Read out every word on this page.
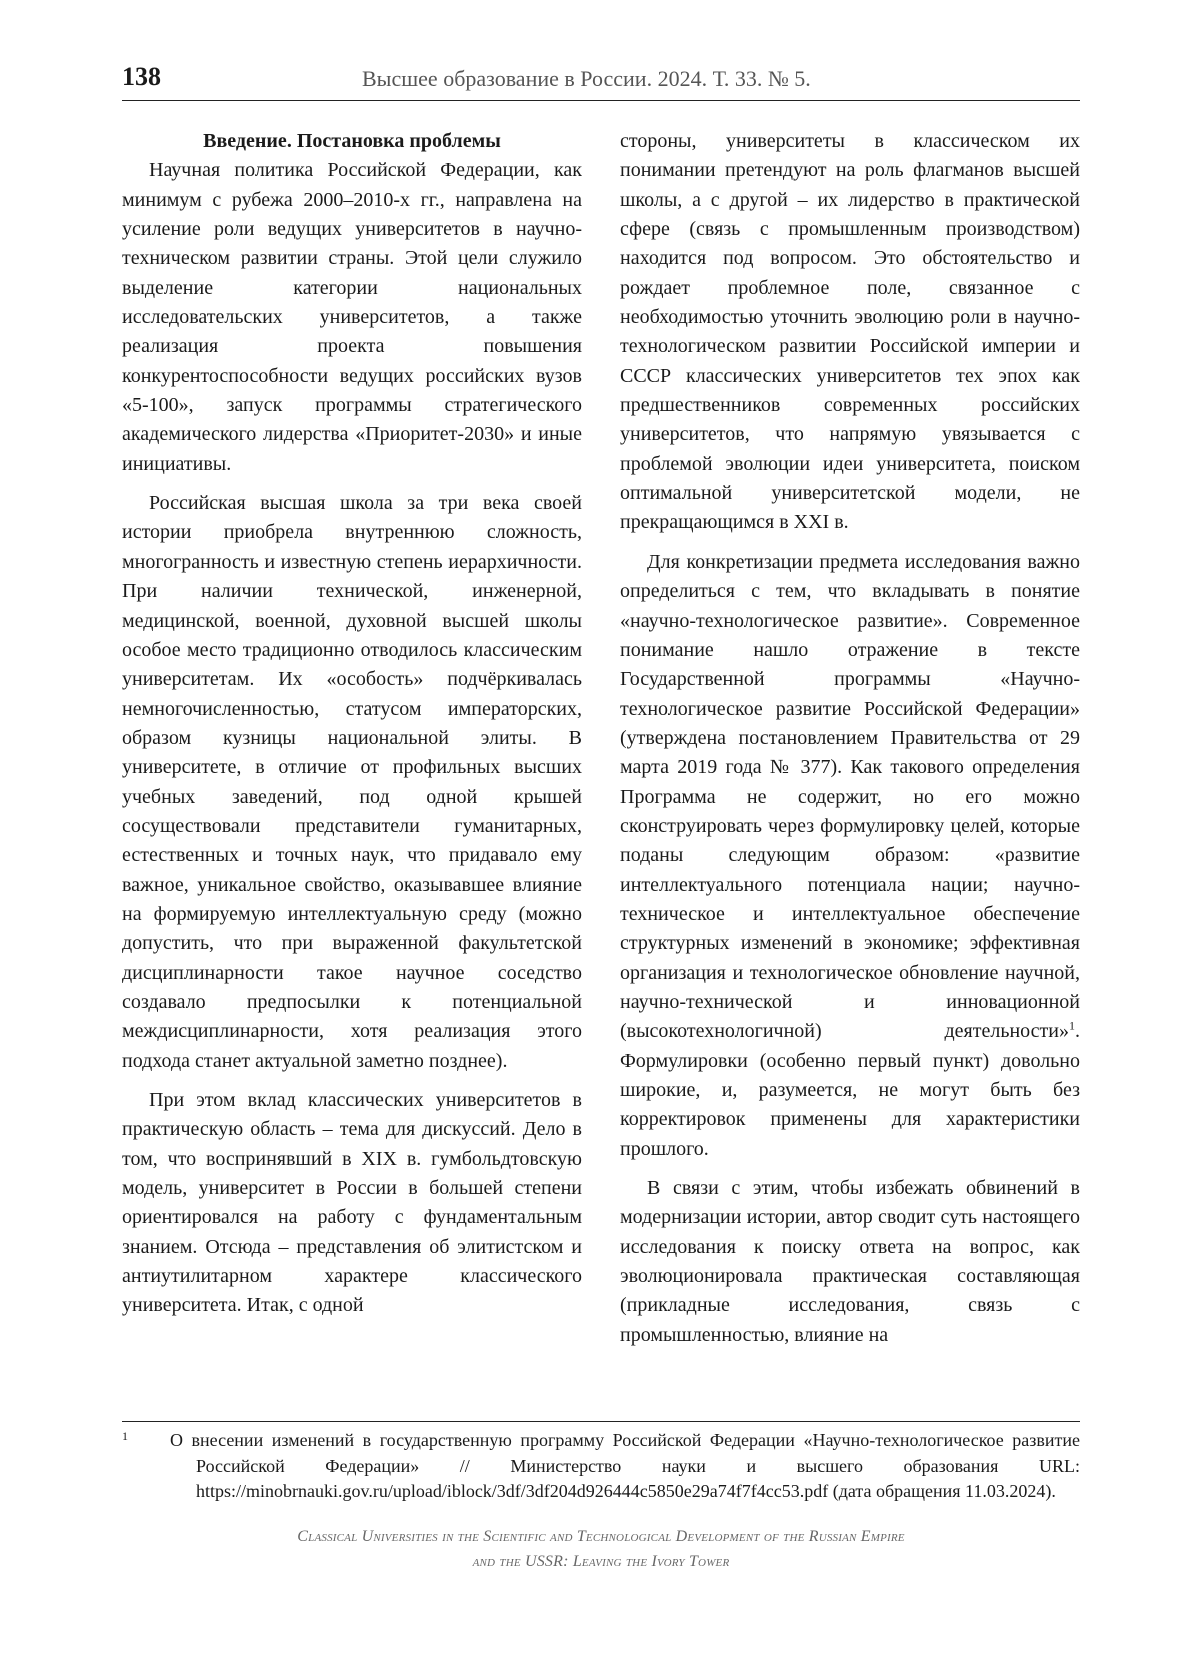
138	Высшее образование в России. 2024. Т. 33. № 5.
Введение. Постановка проблемы

Научная политика Российской Федерации, как минимум с рубежа 2000–2010-х гг., направлена на усиление роли ведущих университетов в научно-техническом развитии страны. Этой цели служило выделение категории национальных исследовательских университетов, а также реализация проекта повышения конкурентоспособности ведущих российских вузов «5-100», запуск программы стратегического академического лидерства «Приоритет-2030» и иные инициативы.

Российская высшая школа за три века своей истории приобрела внутреннюю сложность, многогранность и известную степень иерархичности. При наличии технической, инженерной, медицинской, военной, духовной высшей школы особое место традиционно отводилось классическим университетам. Их «особость» подчёркивалась немногочисленностью, статусом императорских, образом кузницы национальной элиты. В университете, в отличие от профильных высших учебных заведений, под одной крышей сосуществовали представители гуманитарных, естественных и точных наук, что придавало ему важное, уникальное свойство, оказывавшее влияние на формируемую интеллектуальную среду (можно допустить, что при выраженной факультетской дисциплинарности такое научное соседство создавало предпосылки к потенциальной междисциплинарности, хотя реализация этого подхода станет актуальной заметно позднее).

При этом вклад классических университетов в практическую область – тема для дискуссий. Дело в том, что воспринявший в XIX в. гумбольдтовскую модель, университет в России в большей степени ориентировался на работу с фундаментальным знанием. Отсюда – представления об элитистском и антиутилитарном характере классического университета. Итак, с одной

стороны, университеты в классическом их понимании претендуют на роль флагманов высшей школы, а с другой – их лидерство в практической сфере (связь с промышленным производством) находится под вопросом. Это обстоятельство и рождает проблемное поле, связанное с необходимостью уточнить эволюцию роли в научно-технологическом развитии Российской империи и СССР классических университетов тех эпох как предшественников современных российских университетов, что напрямую увязывается с проблемой эволюции идеи университета, поиском оптимальной университетской модели, не прекращающимся в XXI в.

Для конкретизации предмета исследования важно определиться с тем, что вкладывать в понятие «научно-технологическое развитие». Современное понимание нашло отражение в тексте Государственной программы «Научно-технологическое развитие Российской Федерации» (утверждена постановлением Правительства от 29 марта 2019 года № 377). Как такового определения Программа не содержит, но его можно сконструировать через формулировку целей, которые поданы следующим образом: «развитие интеллектуального потенциала нации; научно-техническое и интеллектуальное обеспечение структурных изменений в экономике; эффективная организация и технологическое обновление научной, научно-технической и инновационной (высокотехнологичной) деятельности»$^1$. Формулировки (особенно первый пункт) довольно широкие, и, разумеется, не могут быть без корректировок применены для характеристики прошлого.

В связи с этим, чтобы избежать обвинений в модернизации истории, автор сводит суть настоящего исследования к поиску ответа на вопрос, как эволюционировала практическая составляющая (прикладные исследования, связь с промышленностью, влияние на

1	О внесении изменений в государственную программу Российской Федерации «Научно-технологическое развитие Российской Федерации» // Министерство науки и высшего образования URL: https://minobrnauki.gov.ru/upload/iblock/3df/3df204d926444c5850e29a74f7f4cc53.pdf (дата обращения 11.03.2024).
Classical Universities in the Scientific and Technological Development of the Russian Empire
and the USSR: Leaving the Ivory Tower
